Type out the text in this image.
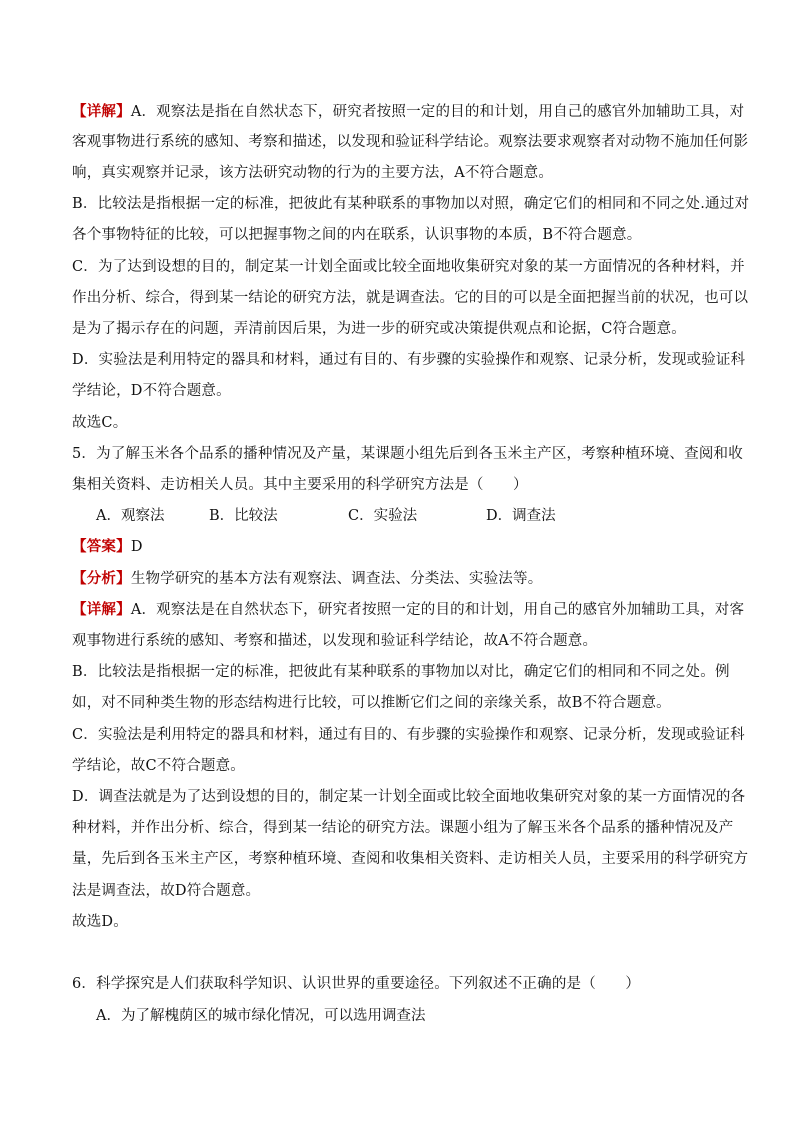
【详解】A．观察法是指在自然状态下，研究者按照一定的目的和计划，用自己的感官外加辅助工具，对
客观事物进行系统的感知、考察和描述，以发现和验证科学结论。观察法要求观察者对动物不施加任何影
响，真实观察并记录，该方法研究动物的行为的主要方法，A不符合题意。
B．比较法是指根据一定的标准，把彼此有某种联系的事物加以对照，确定它们的相同和不同之处.通过对
各个事物特征的比较，可以把握事物之间的内在联系，认识事物的本质，B不符合题意。
C．为了达到设想的目的，制定某一计划全面或比较全面地收集研究对象的某一方面情况的各种材料，并
作出分析、综合，得到某一结论的研究方法，就是调查法。它的目的可以是全面把握当前的状况，也可以
是为了揭示存在的问题，弄清前因后果，为进一步的研究或决策提供观点和论据，C符合题意。
D．实验法是利用特定的器具和材料，通过有目的、有步骤的实验操作和观察、记录分析，发现或验证科
学结论，D不符合题意。
故选C。
5．为了解玉米各个品系的播种情况及产量，某课题小组先后到各玉米主产区，考察种植环境、查阅和收
集相关资料、走访相关人员。其中主要采用的科学研究方法是（　　）
A．观察法	B．比较法	C．实验法	D．调查法
【答案】D
【分析】生物学研究的基本方法有观察法、调查法、分类法、实验法等。
【详解】A．观察法是在自然状态下，研究者按照一定的目的和计划，用自己的感官外加辅助工具，对客
观事物进行系统的感知、考察和描述，以发现和验证科学结论，故A不符合题意。
B．比较法是指根据一定的标准，把彼此有某种联系的事物加以对比，确定它们的相同和不同之处。例
如，对不同种类生物的形态结构进行比较，可以推断它们之间的亲缘关系，故B不符合题意。
C．实验法是利用特定的器具和材料，通过有目的、有步骤的实验操作和观察、记录分析，发现或验证科
学结论，故C不符合题意。
D．调查法就是为了达到设想的目的，制定某一计划全面或比较全面地收集研究对象的某一方面情况的各
种材料，并作出分析、综合，得到某一结论的研究方法。课题小组为了解玉米各个品系的播种情况及产
量，先后到各玉米主产区，考察种植环境、查阅和收集相关资料、走访相关人员，主要采用的科学研究方
法是调查法，故D符合题意。
故选D。
6．科学探究是人们获取科学知识、认识世界的重要途径。下列叙述不正确的是（　　）
A．为了解槐荫区的城市绿化情况，可以选用调查法
